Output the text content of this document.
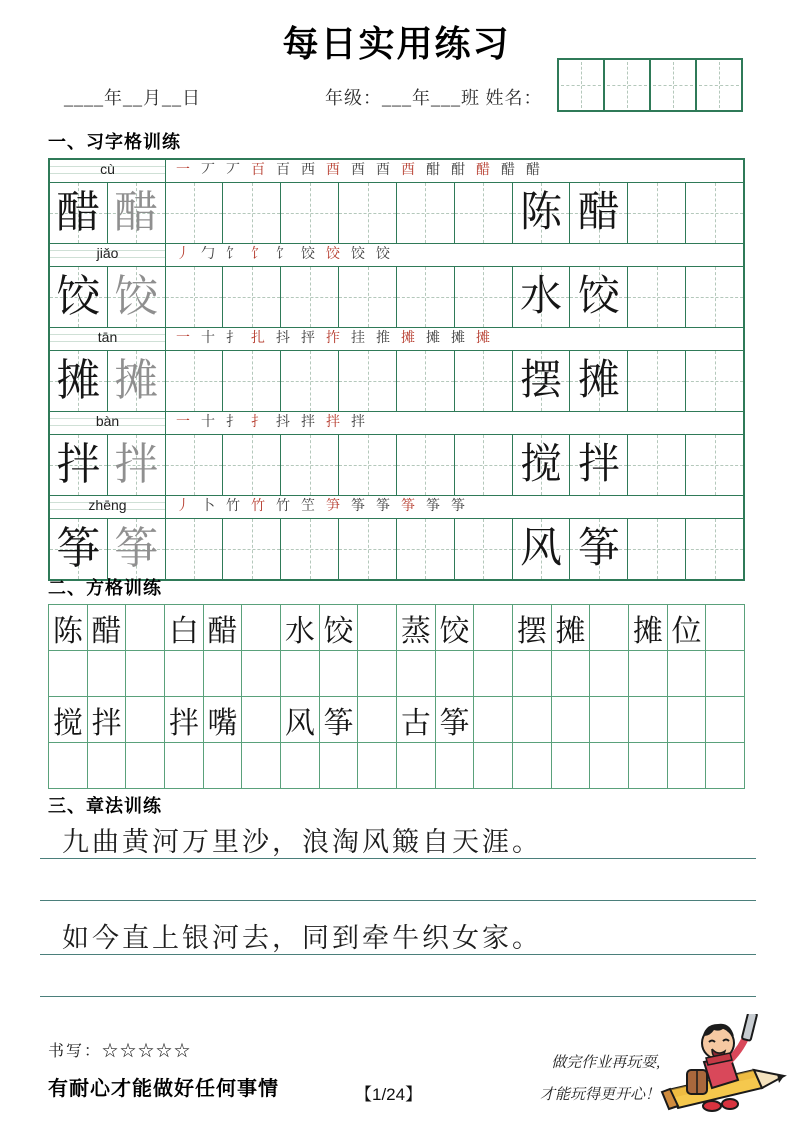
每日实用练习
____年__月__日	年级：___年___班 姓名：
一、习字格训练
cù	一 丆 丆 百 百 西 酉 酉 酉 酉 酣 酣 醋 醋 醋
醋 醋	陈 醋
jiǎo	丿 勹 饣 饣 饣 饺 饺 饺 饺
饺 饺	水 饺
tān	一 十 扌 扎 抖 抨 拃 挂 推 摊 摊 摊 摊
摊 摊	摆 摊
bàn	一 十 扌 扌 抖 拌 拌 拌
拌 拌	搅 拌
zhēng	丿 卜 竹 竹 竹 笁 笋 筝 筝 筝 筝 筝
筝 筝	风 筝
二、方格训练
陈 醋 白 醋 水 饺 蒸 饺 摆 摊 摊 位
搅 拌 拌 嘴 风 筝 古 筝
三、章法训练
九曲黄河万里沙，浪淘风簸自天涯。
如今直上银河去，同到牵牛织女家。
书写：☆☆☆☆☆
有耐心才能做好任何事情	【1/24】
做完作业再玩耍,
才能玩得更开心！
